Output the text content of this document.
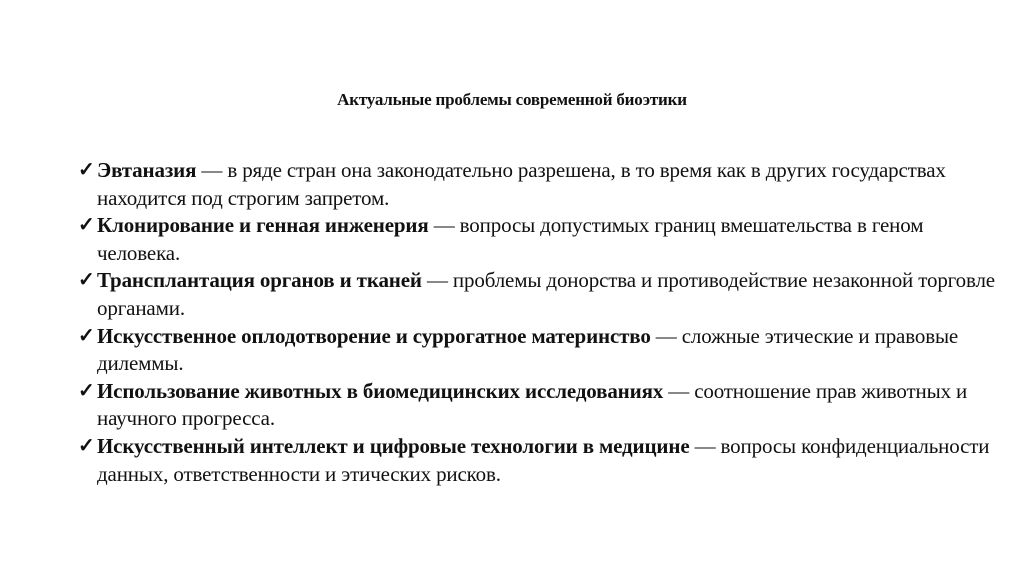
Актуальные проблемы современной биоэтики
✓ Эвтаназия — в ряде стран она законодательно разрешена, в то время как в других государствах находится под строгим запретом.
✓ Клонирование и генная инженерия — вопросы допустимых границ вмешательства в геном человека.
✓ Трансплантация органов и тканей — проблемы донорства и противодействие незаконной торговле органами.
✓ Искусственное оплодотворение и суррогатное материнство — сложные этические и правовые дилеммы.
✓ Использование животных в биомедицинских исследованиях — соотношение прав животных и научного прогресса.
✓ Искусственный интеллект и цифровые технологии в медицине — вопросы конфиденциальности данных, ответственности и этических рисков.
